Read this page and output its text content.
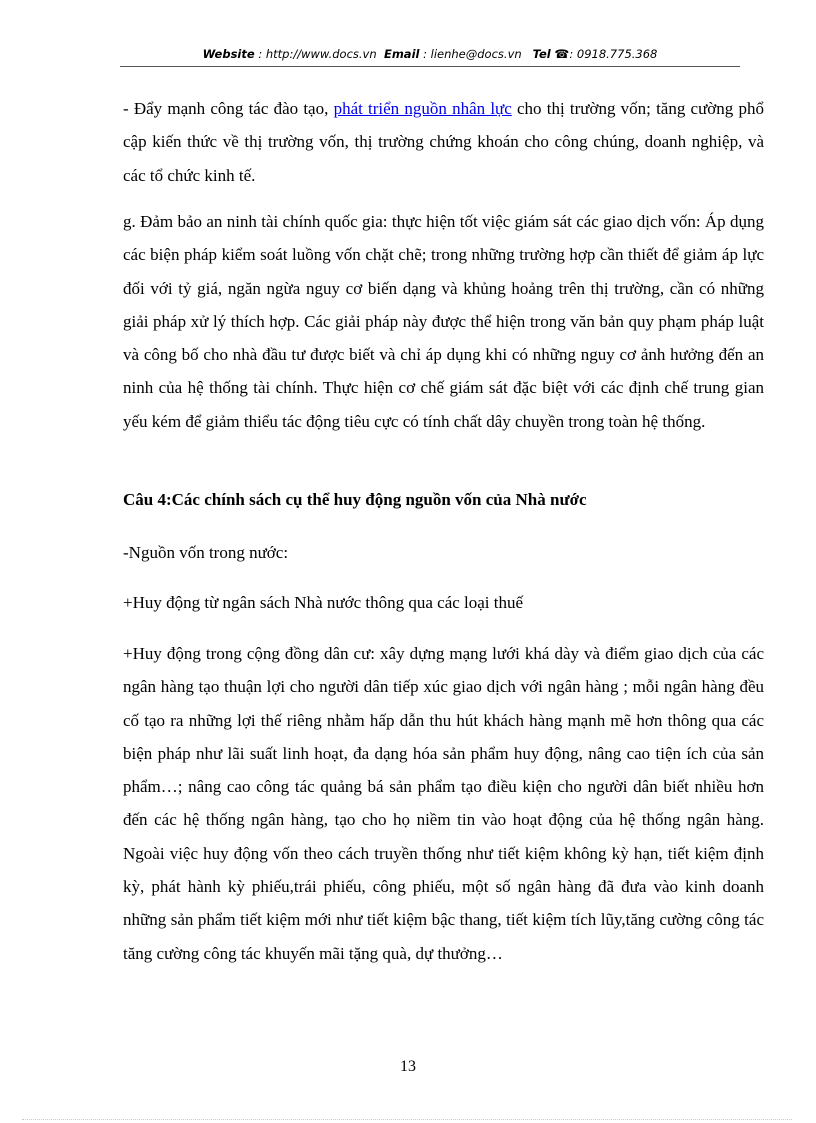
Website : http://www.docs.vn Email : lienhe@docs.vn Tel ☎: 0918.775.368

- Đẩy mạnh công tác đào tạo, phát triển nguồn nhân lực cho thị trường vốn; tăng cường phổ cập kiến thức về thị trường vốn, thị trường chứng khoán cho công chúng, doanh nghiệp, và các tổ chức kinh tế.

g. Đảm bảo an ninh tài chính quốc gia: thực hiện tốt việc giám sát các giao dịch vốn: Áp dụng các biện pháp kiểm soát luồng vốn chặt chẽ; trong những trường hợp cần thiết để giảm áp lực đối với tỷ giá, ngăn ngừa nguy cơ biến dạng và khủng hoảng trên thị trường, cần có những giải pháp xử lý thích hợp. Các giải pháp này được thể hiện trong văn bản quy phạm pháp luật và công bố cho nhà đầu tư được biết và chỉ áp dụng khi có những nguy cơ ảnh hưởng đến an ninh của hệ thống tài chính. Thực hiện cơ chế giám sát đặc biệt với các định chế trung gian yếu kém để giảm thiểu tác động tiêu cực có tính chất dây chuyền trong toàn hệ thống.

Câu 4:Các chính sách cụ thể huy động nguồn vốn của Nhà nước

-Nguồn vốn trong nước:

+Huy động từ ngân sách Nhà nước thông qua các loại thuế

+Huy động trong cộng đồng dân cư: xây dựng mạng lưới khá dày và điểm giao dịch của các ngân hàng tạo thuận lợi cho người dân tiếp xúc giao dịch với ngân hàng ; mỗi ngân hàng đều cố tạo ra những lợi thế riêng nhằm hấp dẫn thu hút khách hàng mạnh mẽ hơn thông qua các biện pháp như lãi suất linh hoạt, đa dạng hóa sản phẩm huy động, nâng cao tiện ích của sản phẩm…; nâng cao công tác quảng bá sản phẩm tạo điều kiện cho người dân biết nhiều hơn đến các hệ thống ngân hàng, tạo cho họ niềm tin vào hoạt động của hệ thống ngân hàng. Ngoài việc huy động vốn theo cách truyền thống như tiết kiệm không kỳ hạn, tiết kiệm định kỳ, phát hành kỳ phiếu,trái phiếu, công phiếu, một số ngân hàng đã đưa vào kinh doanh những sản phẩm tiết kiệm mới như tiết kiệm bậc thang, tiết kiệm tích lũy,tăng cường công tác tăng cường công tác khuyến mãi tặng quà, dự thưởng…

13
